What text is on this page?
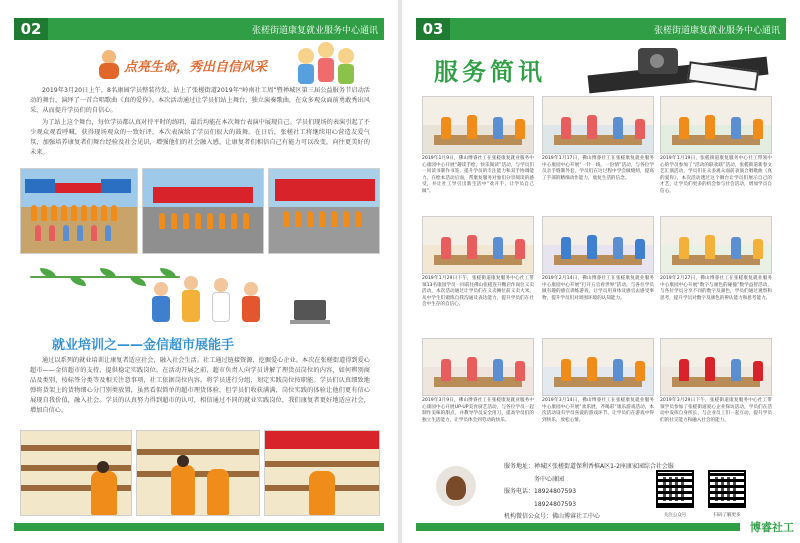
02	张槎街道康复就业服务中心通讯
点亮生命，秀出自信风采
2019年3月20日上午，8名康园学员整装待发，站上了张槎街道2019年“岭南社工周”暨禅城区第三届公益服务节启动活动的舞台，演绎了一首合唱歌曲《真的爱你》。本次活动通过让学员们站上舞台，独立演奏歌曲，在众多观众面前勇敢秀出风采，从而提升学员们的自信心。
为了站上这个舞台，每位学员都认真对待平时的练唱，最后均能在本次舞台表演中展现自己。学员们现场的表演引起了不少观众观看呼喊，获得现场观众的一致好评，本次表演给了学员们很大的鼓舞。在日后，张槎社工将继续用心营造友爱气氛，加强培养康复者们舞台经验及社会见识，增强他们的社会融入感，让康复者们相信自己有能力可以改变，向往更美好的未来。
就业培训之——金信超市展能手
通过以系列的就业培训让康复者适应社会，融入社会生活。社工通过链接资源，挖掘爱心企业。本次在张槎街道得到爱心超市——金信超市的支持，提供稳定实践岗位。在活动开展之前，超市负责人向学员讲解了理货员岗位的内容，如何辨别商品及类别，按标签分类等及相关注意事项，社工依据岗位内容，将学员进行分组，划定实践岗位按职能。学员们认真细致地弹将货架上的货物细心分门别类放置，虽然看似简单的超市理货体验，但学员们收获满满，岗位实践的体验让他们更有信心展现自我价值，融入社会。学员的认真努力得到超市的认可，相信通过不同的就业实践岗位，我们康复者更好地适应社会，增加自信心。
03	张槎街道康复就业服务中心通讯
服务简讯
2019年1月9日，佛山博睿社工在张槎康复就业服务中心康园中心开展“趣读手绘，快乐阅读”活动，与学员们一同读书制作书签，提升学员的专注能力和双手协调能力。在绘本活动后面，帮康复服务对象们分享阅读的感受，并让社工导引出新生活中“欢开手，让学员自己做”。
2019年1月17日，佛山博睿社工在张槎康复就业服务中心康园中心开展“一针一线，一份情”活动，与各位学员亲手缝制外套，学员们在这过程中学会做缝纫，提高了手部的精细动作能力，康复生活的信念。
2019年1月19日，张槎街道康复服务中心社工带领中心的学员参加了“活动的联欢联”活动，张槎街道新春文艺汇演活动，学员们在众多观众面前表演合唱歌曲《真的爱你》，本次活动透过这个舞台让学员们展示自己的才艺，让学员们更多的机会参与社会活动，增加学员自信心。
2019年1月29日下午，张槎街道康复服务中心社工带领13名康园学员一同前往佛山张槎连升糖店作岗位义卖活动，本次活动通过让学员们在义卖摊位前义卖大米，从中学生们锻炼自我沟通及表达能力，提升学员们在社会中生存的自信心。
2019年2月14日，佛山博睿社工在张槎康复就业服务中心康园中心开展“打开五官看世界”活动，与各位学员做有趣的感官训练游戏，让学员用身体及感官去感受事物，提升学员们对周围环境的认知能力。
2019年2月27日，佛山博睿社工在张槎康复就业服务中心康园中心开展“数字与颜色的碰撞”数学益智活动，与各位学员分享不同的数字及颜色，学员们通过观察和思考，提升学员对数字及颜色的辨认能力和思考能力。
2019年3月9日，佛山博睿社工在张槎康复就业服务中心康园中心开展UP-UP美食厨艺活动，与各位学员一起制作美味的甜点，并教导学员安全用刀，提高学员们的独立生活能力，让学员体会到劳动的快乐。
2019年3月14日，佛山博睿社工在张槎康复就业服务中心康园中心开展“欢乐展，齐喝彩”康乐游戏活动，本次活动设有学员喜爱的游戏环节，让学员们在游戏中得到快乐，放松心情。
2019年3月29日下午，张槎街道康复服务中心社工带领学员参加了张槎街道爱心企业探访活动，学员们在活动中发挥自身所长，与企业员工们一起互动，提升学员们的社交能力和融入社会的能力。
服务地址： 禅城区张槎街道保利香槟A区1-2座康家园综合社会服务中心康园
服务电话： 18924807593
18924807593
机构微信公众号： 佛山博睿社工中心	关注公众号	扫码了解更多
博睿社工
